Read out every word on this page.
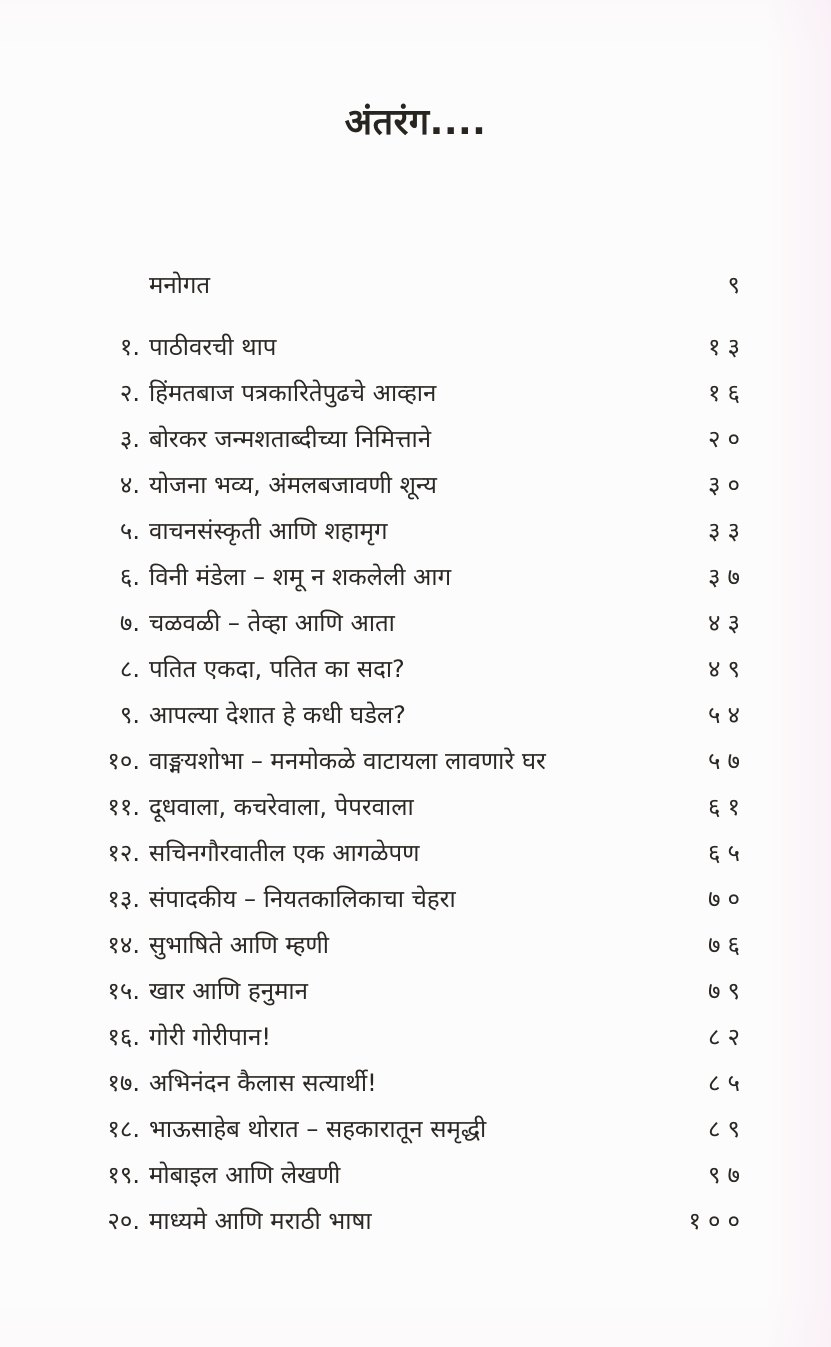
अंतरंग....
मनोगत	९
१. पाठीवरची थाप	१३
२. हिंमतबाज पत्रकारितेपुढचे आव्हान	१६
३. बोरकर जन्मशताब्दीच्या निमित्ताने	२०
४. योजना भव्य, अंमलबजावणी शून्य	३०
५. वाचनसंस्कृती आणि शहामृग	३३
६. विनी मंडेला – शमू न शकलेली आग	३७
७. चळवळी – तेव्हा आणि आता	४३
८. पतित एकदा, पतित का सदा?	४९
९. आपल्या देशात हे कधी घडेल?	५४
१०. वाङ्मयशोभा – मनमोकळे वाटायला लावणारे घर	५७
११. दूधवाला, कचरेवाला, पेपरवाला	६१
१२. सचिनगौरवातील एक आगळेपण	६५
१३. संपादकीय – नियतकालिकाचा चेहरा	७०
१४. सुभाषिते आणि म्हणी	७६
१५. खार आणि हनुमान	७९
१६. गोरी गोरीपान!	८२
१७. अभिनंदन कैलास सत्यार्थी!	८५
१८. भाऊसाहेब थोरात – सहकारातून समृद्धी	८९
१९. मोबाइल आणि लेखणी	९७
२०. माध्यमे आणि मराठी भाषा	१००
